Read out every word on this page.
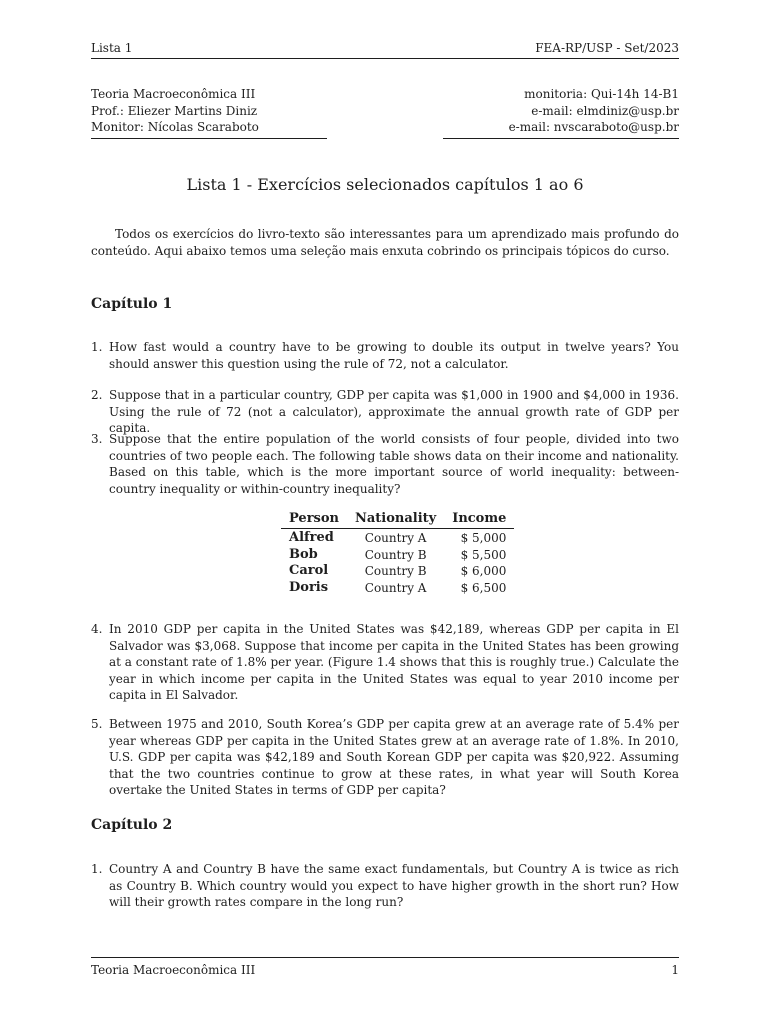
Lista 1	FEA-RP/USP - Set/2023
Teoria Macroeconômica III
Prof.: Eliezer Martins Diniz
Monitor: Nícolas Scaraboto
monitoria: Qui-14h 14-B1
e-mail: elmdiniz@usp.br
e-mail: nvscaraboto@usp.br
Lista 1 - Exercícios selecionados capítulos 1 ao 6
Todos os exercícios do livro-texto são interessantes para um aprendizado mais profundo do conteúdo. Aqui abaixo temos uma seleção mais enxuta cobrindo os principais tópicos do curso.
Capítulo 1
1. How fast would a country have to be growing to double its output in twelve years? You should answer this question using the rule of 72, not a calculator.
2. Suppose that in a particular country, GDP per capita was $1,000 in 1900 and $4,000 in 1936. Using the rule of 72 (not a calculator), approximate the annual growth rate of GDP per capita.
3. Suppose that the entire population of the world consists of four people, divided into two countries of two people each. The following table shows data on their income and nationality. Based on this table, which is the more important source of world inequality: between-country inequality or within-country inequality?
Person	Nationality	Income
Alfred	Country A	$ 5,000
Bob	Country B	$ 5,500
Carol	Country B	$ 6,000
Doris	Country A	$ 6,500
4. In 2010 GDP per capita in the United States was $42,189, whereas GDP per capita in El Salvador was $3,068. Suppose that income per capita in the United States has been growing at a constant rate of 1.8% per year. (Figure 1.4 shows that this is roughly true.) Calculate the year in which income per capita in the United States was equal to year 2010 income per capita in El Salvador.
5. Between 1975 and 2010, South Korea’s GDP per capita grew at an average rate of 5.4% per year whereas GDP per capita in the United States grew at an average rate of 1.8%. In 2010, U.S. GDP per capita was $42,189 and South Korean GDP per capita was $20,922. Assuming that the two countries continue to grow at these rates, in what year will South Korea overtake the United States in terms of GDP per capita?
Capítulo 2
1. Country A and Country B have the same exact fundamentals, but Country A is twice as rich as Country B. Which country would you expect to have higher growth in the short run? How will their growth rates compare in the long run?
Teoria Macroeconômica III	1
